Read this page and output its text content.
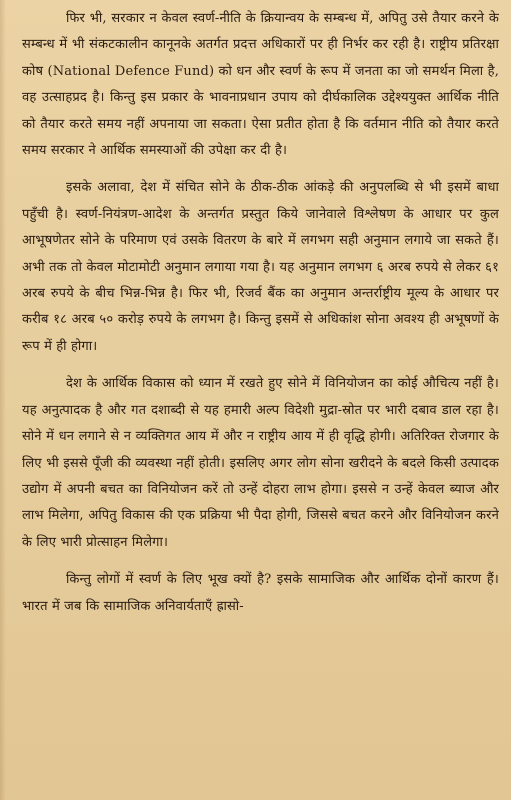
फिर भी, सरकार न केवल स्वर्ण-नीति के क्रियान्वय के सम्बन्ध में, अपितु उसे तैयार करने के सम्बन्ध में भी संकटकालीन कानूनके अतर्गत प्रदत्त अधिकारों पर ही निर्भर कर रही है। राष्ट्रीय प्रतिरक्षा कोष (National Defence Fund) को धन और स्वर्ण के रूप में जनता का जो समर्थन मिला है, वह उत्साहप्रद है। किन्तु इस प्रकार के भावनाप्रधान उपाय को दीर्घकालिक उद्देश्ययुक्त आर्थिक नीति को तैयार करते समय नहीं अपनाया जा सकता। ऐसा प्रतीत होता है कि वर्तमान नीति को तैयार करते समय सरकार ने आर्थिक समस्याओं की उपेक्षा कर दी है।

इसके अलावा, देश में संचित सोने के ठीक-ठीक आंकड़े की अनुपलब्धि से भी इसमें बाधा पहुँची है। स्वर्ण-नियंत्रण-आदेश के अन्तर्गत प्रस्तुत किये जानेवाले विश्लेषण के आधार पर कुल आभूषणेतर सोने के परिमाण एवं उसके वितरण के बारे में लगभग सही अनुमान लगाये जा सकते हैं। अभी तक तो केवल मोटामोटी अनुमान लगाया गया है। यह अनुमान लगभग ६ अरब रुपये से लेकर ६१ अरब रुपये के बीच भिन्न-भिन्न है। फिर भी, रिजर्व बैंक का अनुमान अन्तर्राष्ट्रीय मूल्य के आधार पर करीब १८ अरब ५० करोड़ रुपये के लगभग है। किन्तु इसमें से अधिकांश सोना अवश्य ही अभूषणों के रूप में ही होगा।

देश के आर्थिक विकास को ध्यान में रखते हुए सोने में विनियोजन का कोई औचित्य नहीं है। यह अनुत्पादक है और गत दशाब्दी से यह हमारी अल्प विदेशी मुद्रा-स्रोत पर भारी दबाव डाल रहा है। सोने में धन लगाने से न व्यक्तिगत आय में और न राष्ट्रीय आय में ही वृद्धि होगी। अतिरिक्त रोजगार के लिए भी इससे पूँजी की व्यवस्था नहीं होती। इसलिए अगर लोग सोना खरीदने के बदले किसी उत्पादक उद्योग में अपनी बचत का विनियोजन करें तो उन्हें दोहरा लाभ होगा। इससे न उन्हें केवल ब्याज और लाभ मिलेगा, अपितु विकास की एक प्रक्रिया भी पैदा होगी, जिससे बचत करने और विनियोजन करने के लिए भारी प्रोत्साहन मिलेगा।

किन्तु लोगों में स्वर्ण के लिए भूख क्यों है? इसके सामाजिक और आर्थिक दोनों कारण हैं। भारत में जब कि सामाजिक अनिवार्यताएँ ह्रासो-
